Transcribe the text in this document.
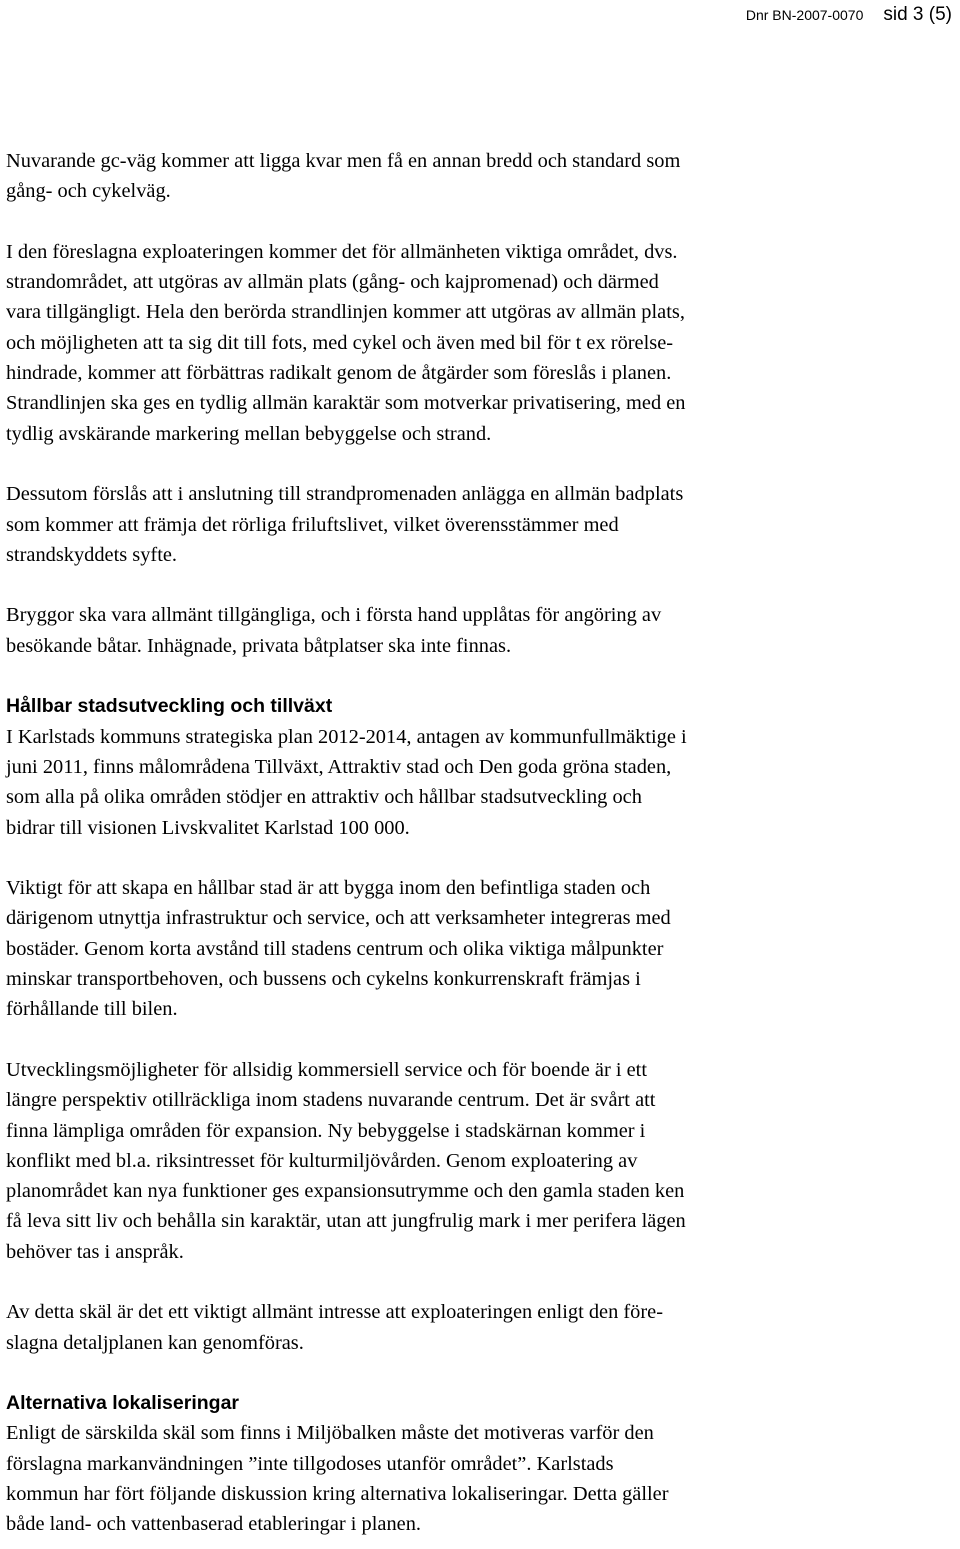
Dnr BN-2007-0070 sid 3 (5)

Nuvarande gc-väg kommer att ligga kvar men få en annan bredd och standard som
gång- och cykelväg.

I den föreslagna exploateringen kommer det för allmänheten viktiga området, dvs.
strandområdet, att utgöras av allmän plats (gång- och kajpromenad) och därmed
vara tillgängligt. Hela den berörda strandlinjen kommer att utgöras av allmän plats,
och möjligheten att ta sig dit till fots, med cykel och även med bil för t ex rörelse-
hindrade, kommer att förbättras radikalt genom de åtgärder som föreslås i planen.
Strandlinjen ska ges en tydlig allmän karaktär som motverkar privatisering, med en
tydlig avskärande markering mellan bebyggelse och strand.

Dessutom förslås att i anslutning till strandpromenaden anlägga en allmän badplats
som kommer att främja det rörliga friluftslivet, vilket överensstämmer med
strandskyddets syfte.

Bryggor ska vara allmänt tillgängliga, och i första hand upplåtas för angöring av
besökande båtar. Inhägnade, privata båtplatser ska inte finnas.

Hållbar stadsutveckling och tillväxt

I Karlstads kommuns strategiska plan 2012-2014, antagen av kommunfullmäktige i
juni 2011, finns målområdena Tillväxt, Attraktiv stad och Den goda gröna staden,
som alla på olika områden stödjer en attraktiv och hållbar stadsutveckling och
bidrar till visionen Livskvalitet Karlstad 100 000.

Viktigt för att skapa en hållbar stad är att bygga inom den befintliga staden och
därigenom utnyttja infrastruktur och service, och att verksamheter integreras med
bostäder. Genom korta avstånd till stadens centrum och olika viktiga målpunkter
minskar transportbehoven, och bussens och cykelns konkurrenskraft främjas i
förhållande till bilen.

Utvecklingsmöjligheter för allsidig kommersiell service och för boende är i ett
längre perspektiv otillräckliga inom stadens nuvarande centrum. Det är svårt att
finna lämpliga områden för expansion. Ny bebyggelse i stadskärnan kommer i
konflikt med bl.a. riksintresset för kulturmiljövården. Genom exploatering av
planområdet kan nya funktioner ges expansionsutrymme och den gamla staden ken
få leva sitt liv och behålla sin karaktär, utan att jungfrulig mark i mer perifera lägen
behöver tas i anspråk.

Av detta skäl är det ett viktigt allmänt intresse att exploateringen enligt den före-
slagna detaljplanen kan genomföras.

Alternativa lokaliseringar

Enligt de särskilda skäl som finns i Miljöbalken måste det motiveras varför den
förslagna markanvändningen ”inte tillgodoses utanför området”. Karlstads
kommun har fört följande diskussion kring alternativa lokaliseringar. Detta gäller
både land- och vattenbaserad etableringar i planen.
